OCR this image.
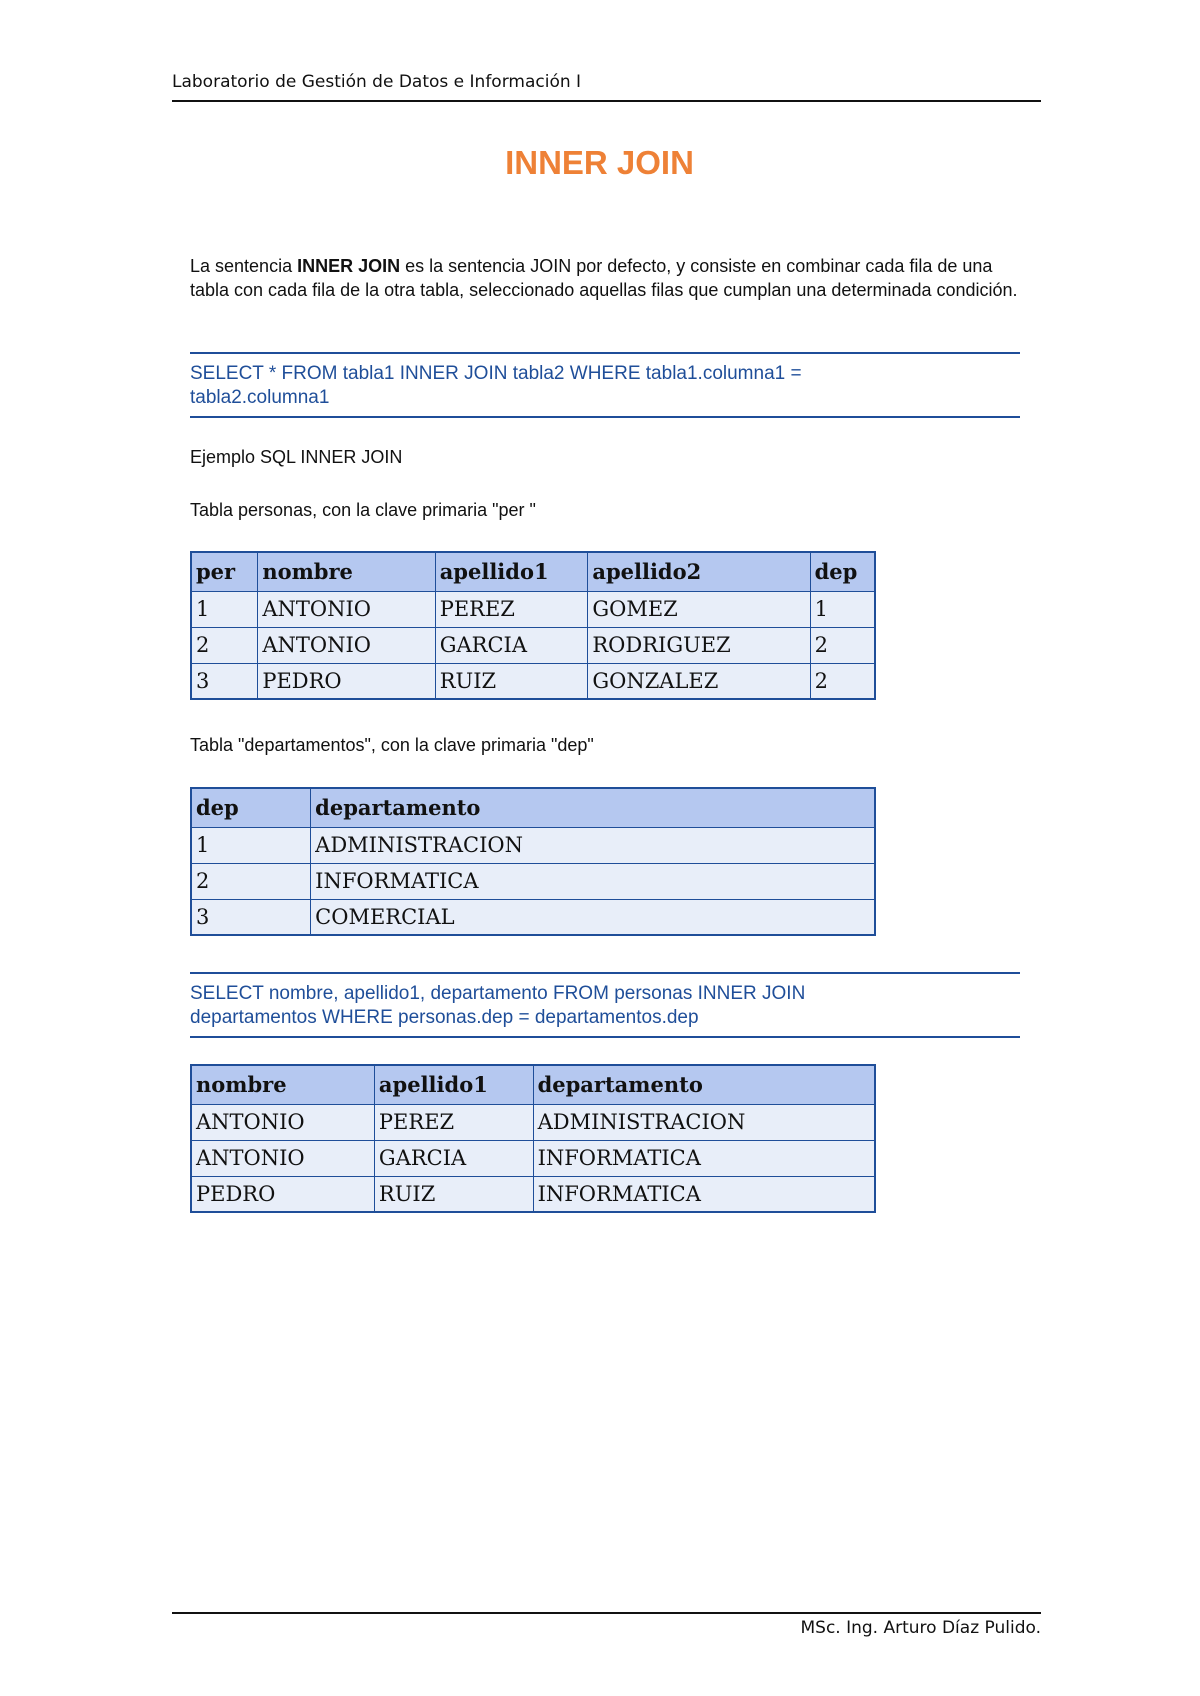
Laboratorio de Gestión de Datos e Información I
INNER JOIN
La sentencia INNER JOIN es la sentencia JOIN por defecto, y consiste en combinar cada fila de una tabla con cada fila de la otra tabla, seleccionado aquellas filas que cumplan una determinada condición.
SELECT * FROM tabla1 INNER JOIN tabla2 WHERE tabla1.columna1 =
tabla2.columna1
Ejemplo SQL INNER JOIN
Tabla personas, con la clave primaria "per "
per	nombre	apellido1	apellido2	dep
1	ANTONIO	PEREZ	GOMEZ	1
2	ANTONIO	GARCIA	RODRIGUEZ	2
3	PEDRO	RUIZ	GONZALEZ	2
Tabla "departamentos", con la clave primaria "dep"
dep	departamento
1	ADMINISTRACION
2	INFORMATICA
3	COMERCIAL
SELECT nombre, apellido1, departamento FROM personas INNER JOIN
departamentos WHERE personas.dep = departamentos.dep
nombre	apellido1	departamento
ANTONIO	PEREZ	ADMINISTRACION
ANTONIO	GARCIA	INFORMATICA
PEDRO	RUIZ	INFORMATICA
MSc. Ing. Arturo Díaz Pulido.
